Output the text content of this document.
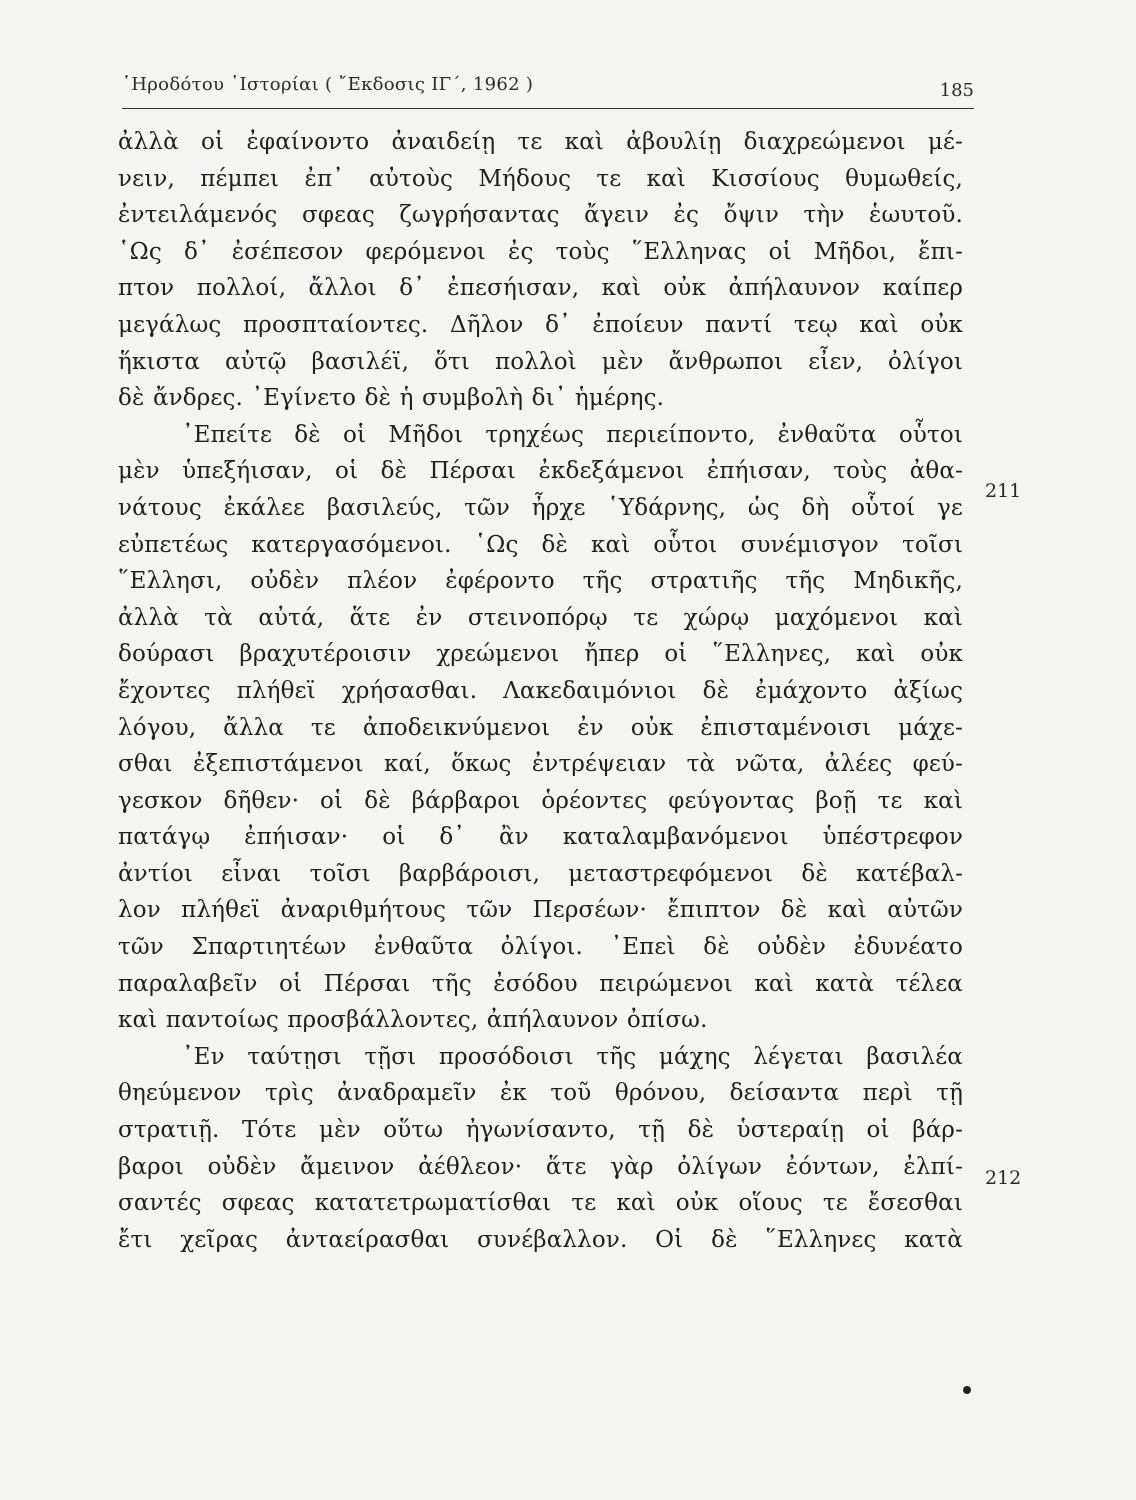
῾Ηροδότου ῾Ιστορίαι ( ῎Εκδοσις ΙΓ΄, 1962 )	185
ἀλλὰ οἱ ἐφαίνοντο ἀναιδείῃ τε καὶ ἀβουλίῃ διαχρεώμενοι μέ-
νειν, πέμπει ἐπ᾽ αὐτοὺς Μήδους τε καὶ Κισσίους θυμωθείς,
ἐντειλάμενός σφεας ζωγρήσαντας ἄγειν ἐς ὄψιν τὴν ἑωυτοῦ.
῾Ως δ᾽ ἐσέπεσον φερόμενοι ἐς τοὺς ῞Ελληνας οἱ Μῆδοι, ἔπι-
πτον πολλοί, ἄλλοι δ᾽ ἐπεσήισαν, καὶ οὐκ ἀπήλαυνον καίπερ
μεγάλως προσπταίοντες. Δῆλον δ᾽ ἐποίευν παντί τεῳ καὶ οὐκ
ἥκιστα αὐτῷ βασιλέϊ, ὅτι πολλοὶ μὲν ἄνθρωποι εἶεν, ὀλίγοι
δὲ ἄνδρες. ᾽Εγίνετο δὲ ἡ συμβολὴ δι᾽ ἡμέρης.
᾽Επείτε δὲ οἱ Μῆδοι τρηχέως περιείποντο, ἐνθαῦτα οὗτοι
μὲν ὑπεξήισαν, οἱ δὲ Πέρσαι ἐκδεξάμενοι ἐπήισαν, τοὺς ἀθα-
νάτους ἐκάλεε βασιλεύς, τῶν ἦρχε ῾Υδάρνης, ὡς δὴ οὗτοί γε
εὐπετέως κατεργασόμενοι. ῾Ως δὲ καὶ οὗτοι συνέμισγον τοῖσι
῞Ελλησι, οὐδὲν πλέον ἐφέροντο τῆς στρατιῆς τῆς Μηδικῆς,
ἀλλὰ τὰ αὐτά, ἅτε ἐν στεινοπόρῳ τε χώρῳ μαχόμενοι καὶ
δούρασι βραχυτέροισιν χρεώμενοι ἤπερ οἱ ῞Ελληνες, καὶ οὐκ
ἔχοντες πλήθεϊ χρήσασθαι. Λακεδαιμόνιοι δὲ ἐμάχοντο ἀξίως
λόγου, ἄλλα τε ἀποδεικνύμενοι ἐν οὐκ ἐπισταμένοισι μάχε-
σθαι ἐξεπιστάμενοι καί, ὅκως ἐντρέψειαν τὰ νῶτα, ἀλέες φεύ-
γεσκον δῆθεν· οἱ δὲ βάρβαροι ὁρέοντες φεύγοντας βοῇ τε καὶ
πατάγῳ ἐπήισαν· οἱ δ᾽ ἂν καταλαμβανόμενοι ὑπέστρεφον
ἀντίοι εἶναι τοῖσι βαρβάροισι, μεταστρεφόμενοι δὲ κατέβαλ-
λον πλήθεϊ ἀναριθμήτους τῶν Περσέων· ἔπιπτον δὲ καὶ αὐτῶν
τῶν Σπαρτιητέων ἐνθαῦτα ὀλίγοι. ᾽Επεὶ δὲ οὐδὲν ἐδυνέατο
παραλαβεῖν οἱ Πέρσαι τῆς ἐσόδου πειρώμενοι καὶ κατὰ τέλεα
καὶ παντοίως προσβάλλοντες, ἀπήλαυνον ὀπίσω.
᾽Εν ταύτῃσι τῇσι προσόδοισι τῆς μάχης λέγεται βασιλέα
θηεύμενον τρὶς ἀναδραμεῖν ἐκ τοῦ θρόνου, δείσαντα περὶ τῇ
στρατιῇ. Τότε μὲν οὕτω ἠγωνίσαντο, τῇ δὲ ὑστεραίῃ οἱ βάρ-
βαροι οὐδὲν ἄμεινον ἀέθλεον· ἅτε γὰρ ὀλίγων ἐόντων, ἐλπί-
σαντές σφεας κατατετρωματίσθαι τε καὶ οὐκ οἵους τε ἔσεσθαι
ἔτι χεῖρας ἀνταείρασθαι συνέβαλλον. Οἱ δὲ ῞Ελληνες κατὰ
211
212
